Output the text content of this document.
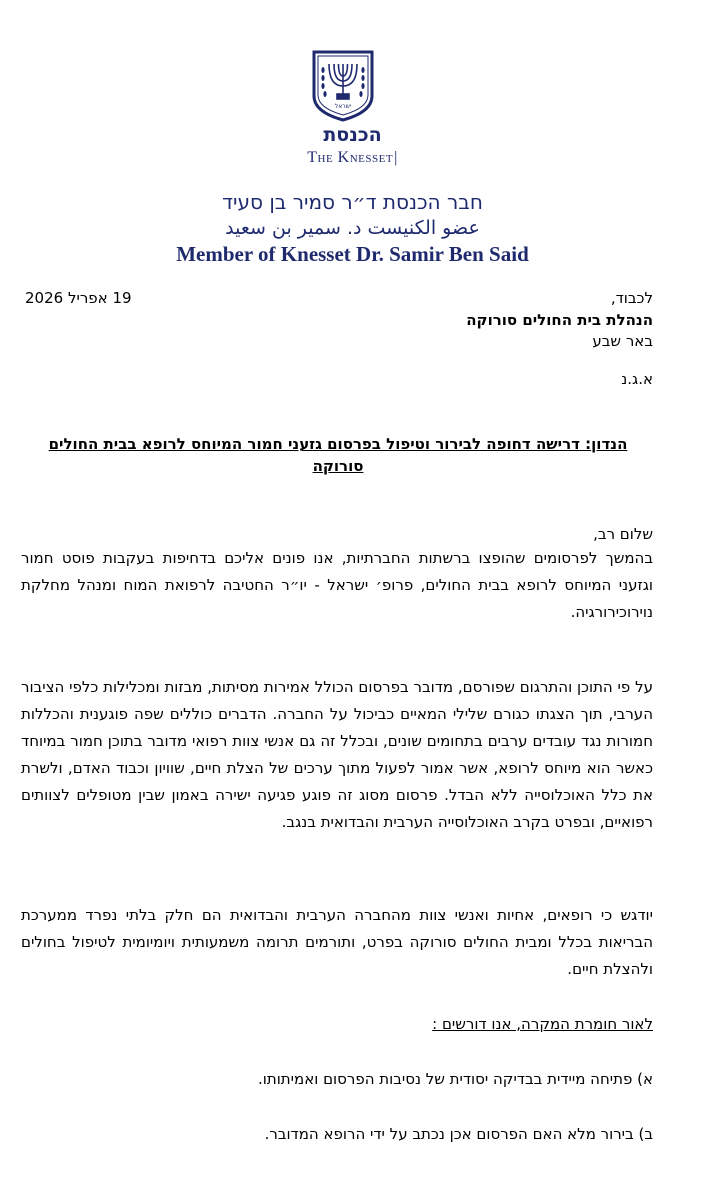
ישראל
הכנסת
The Knesset|
חבר הכנסת ד״ר סמיר בן סעיד
عضو الكنيست د. سمير بن سعيد
Member of Knesset Dr. Samir Ben Said
19 אפריל 2026	לכבוד,
הנהלת בית החולים סורוקה
באר שבע
א.ג.נ
הנדון: דרישה דחופה לבירור וטיפול בפרסום גזעני חמור המיוחס לרופא בבית החולים סורוקה
שלום רב,
בהמשך לפרסומים שהופצו ברשתות החברתיות, אנו פונים אליכם בדחיפות בעקבות פוסט חמור וגזעני המיוחס לרופא בבית החולים, פרופ׳ ישראל - יו״ר החטיבה לרפואת המוח ומנהל מחלקת נוירוכירורגיה.
על פי התוכן והתרגום שפורסם, מדובר בפרסום הכולל אמירות מסיתות, מבזות ומכלילות כלפי הציבור הערבי, תוך הצגתו כגורם שלילי המאיים כביכול על החברה. הדברים כוללים שפה פוגענית והכללות חמורות נגד עובדים ערבים בתחומים שונים, ובכלל זה גם אנשי צוות רפואי מדובר בתוכן חמור במיוחד כאשר הוא מיוחס לרופא, אשר אמור לפעול מתוך ערכים של הצלת חיים, שוויון וכבוד האדם, ולשרת את כלל האוכלוסייה ללא הבדל. פרסום מסוג זה פוגע פגיעה ישירה באמון שבין מטופלים לצוותים רפואיים, ובפרט בקרב האוכלוסייה הערבית והבדואית בנגב.
יודגש כי רופאים, אחיות ואנשי צוות מהחברה הערבית והבדואית הם חלק בלתי נפרד ממערכת הבריאות בכלל ומבית החולים סורוקה בפרט, ותורמים תרומה משמעותית ויומיומית לטיפול בחולים ולהצלת חיים.
לאור חומרת המקרה, אנו דורשים :
א) פתיחה מיידית בבדיקה יסודית של נסיבות הפרסום ואמיתותו.
ב) בירור מלא האם הפרסום אכן נכתב על ידי הרופא המדובר.
